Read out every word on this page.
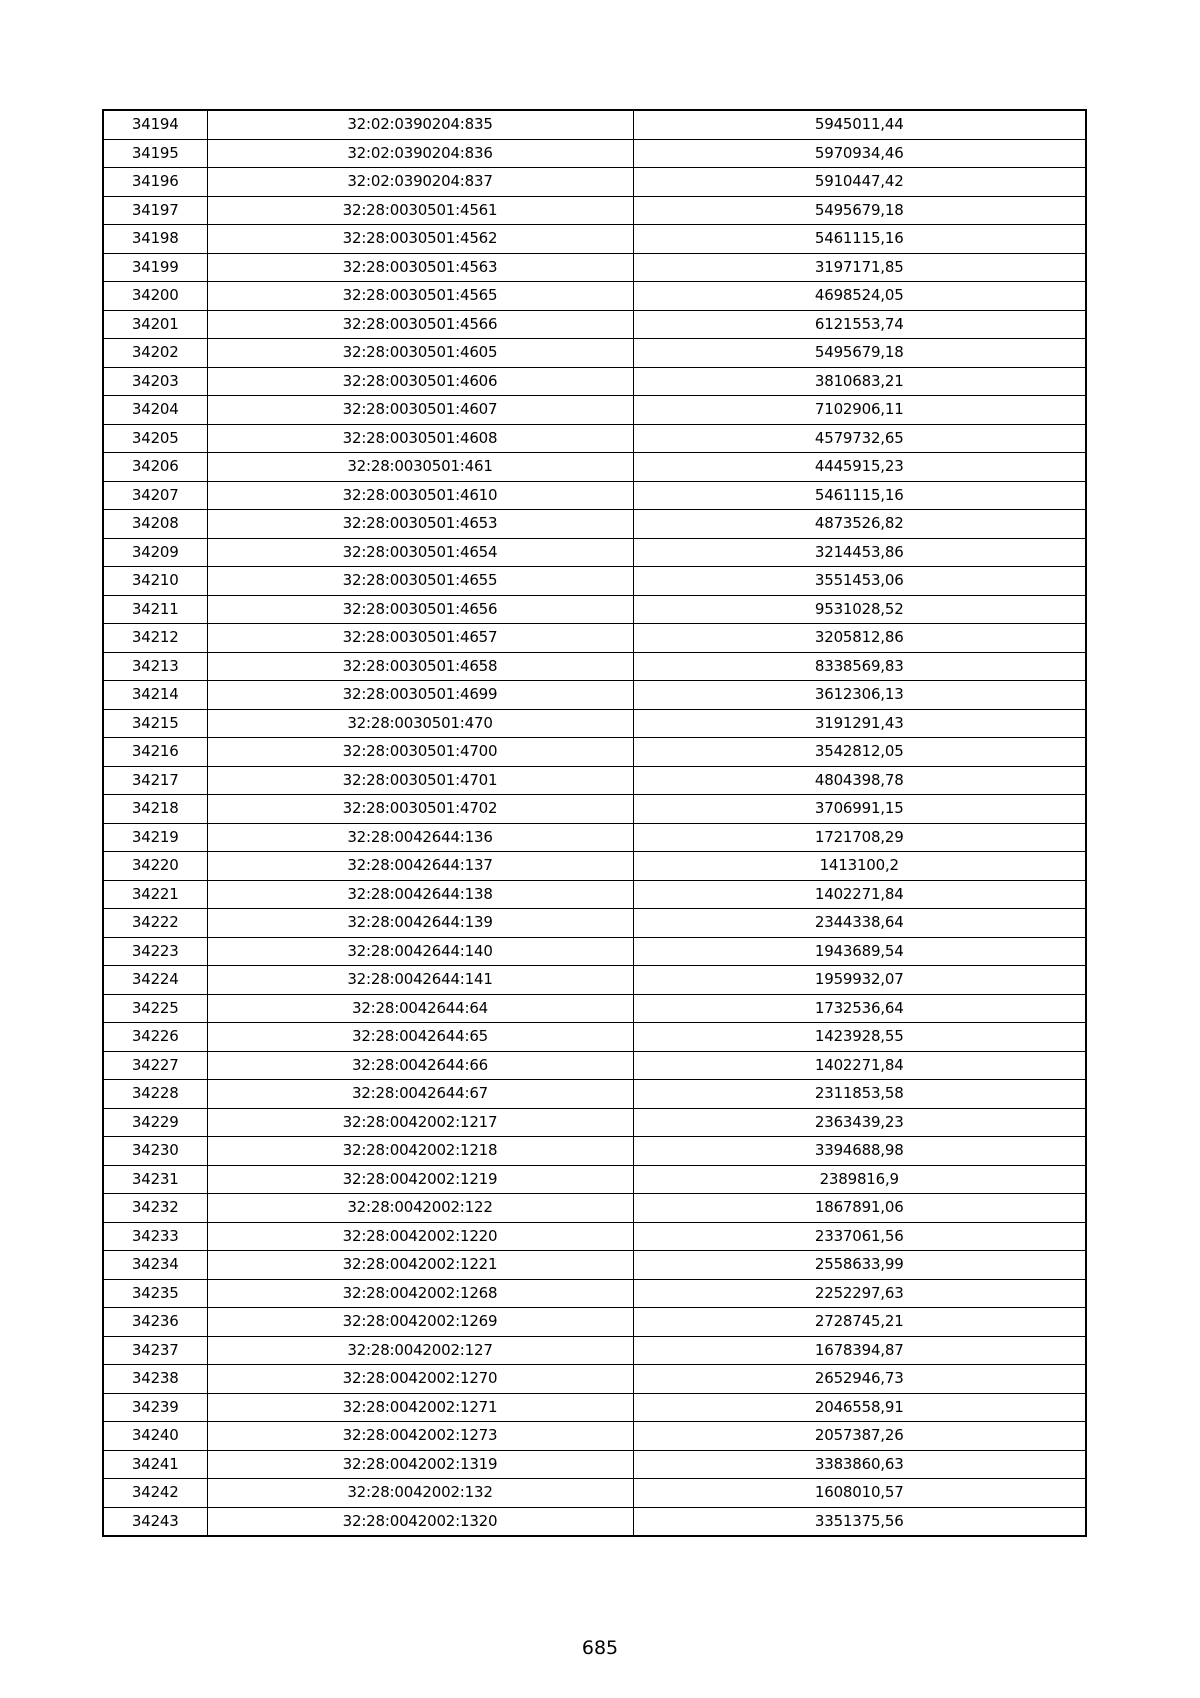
34194	32:02:0390204:835	5945011,44
34195	32:02:0390204:836	5970934,46
34196	32:02:0390204:837	5910447,42
34197	32:28:0030501:4561	5495679,18
34198	32:28:0030501:4562	5461115,16
34199	32:28:0030501:4563	3197171,85
34200	32:28:0030501:4565	4698524,05
34201	32:28:0030501:4566	6121553,74
34202	32:28:0030501:4605	5495679,18
34203	32:28:0030501:4606	3810683,21
34204	32:28:0030501:4607	7102906,11
34205	32:28:0030501:4608	4579732,65
34206	32:28:0030501:461	4445915,23
34207	32:28:0030501:4610	5461115,16
34208	32:28:0030501:4653	4873526,82
34209	32:28:0030501:4654	3214453,86
34210	32:28:0030501:4655	3551453,06
34211	32:28:0030501:4656	9531028,52
34212	32:28:0030501:4657	3205812,86
34213	32:28:0030501:4658	8338569,83
34214	32:28:0030501:4699	3612306,13
34215	32:28:0030501:470	3191291,43
34216	32:28:0030501:4700	3542812,05
34217	32:28:0030501:4701	4804398,78
34218	32:28:0030501:4702	3706991,15
34219	32:28:0042644:136	1721708,29
34220	32:28:0042644:137	1413100,2
34221	32:28:0042644:138	1402271,84
34222	32:28:0042644:139	2344338,64
34223	32:28:0042644:140	1943689,54
34224	32:28:0042644:141	1959932,07
34225	32:28:0042644:64	1732536,64
34226	32:28:0042644:65	1423928,55
34227	32:28:0042644:66	1402271,84
34228	32:28:0042644:67	2311853,58
34229	32:28:0042002:1217	2363439,23
34230	32:28:0042002:1218	3394688,98
34231	32:28:0042002:1219	2389816,9
34232	32:28:0042002:122	1867891,06
34233	32:28:0042002:1220	2337061,56
34234	32:28:0042002:1221	2558633,99
34235	32:28:0042002:1268	2252297,63
34236	32:28:0042002:1269	2728745,21
34237	32:28:0042002:127	1678394,87
34238	32:28:0042002:1270	2652946,73
34239	32:28:0042002:1271	2046558,91
34240	32:28:0042002:1273	2057387,26
34241	32:28:0042002:1319	3383860,63
34242	32:28:0042002:132	1608010,57
34243	32:28:0042002:1320	3351375,56
685
